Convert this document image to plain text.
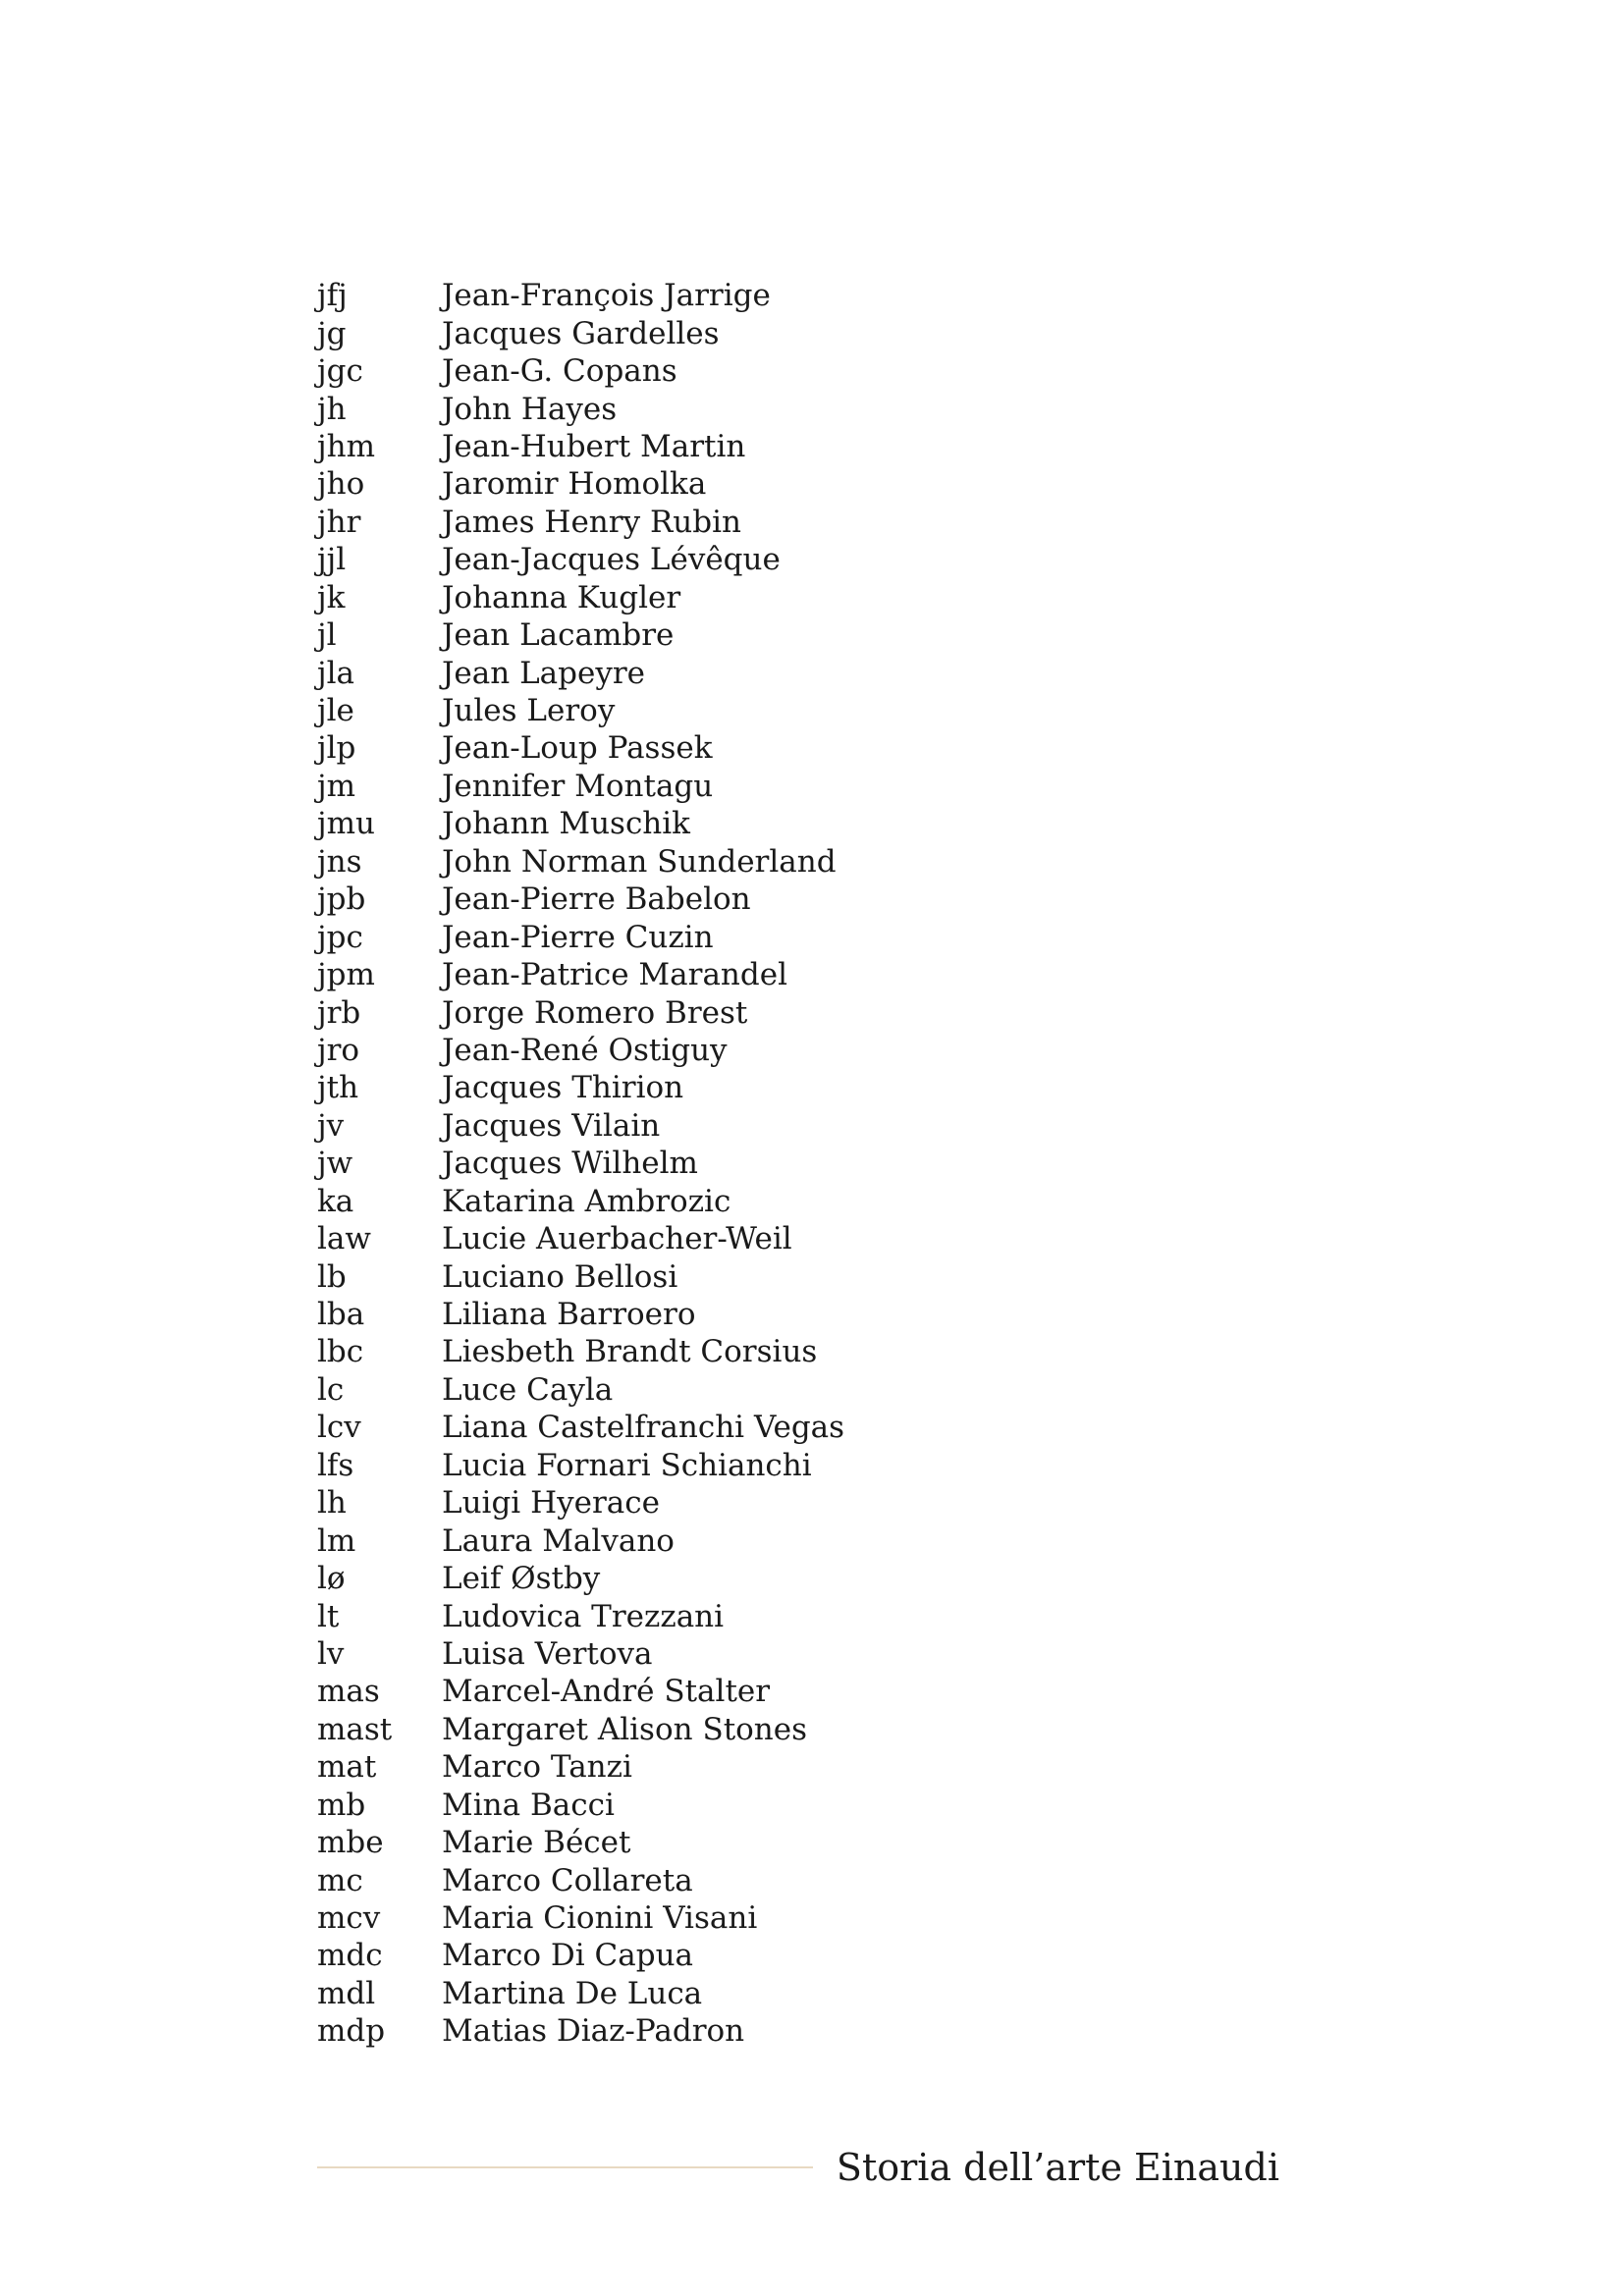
jfj	Jean-François Jarrige
jg	Jacques Gardelles
jgc	Jean-G. Copans
jh	John Hayes
jhm	Jean-Hubert Martin
jho	Jaromir Homolka
jhr	James Henry Rubin
jjl	Jean-Jacques Lévêque
jk	Johanna Kugler
jl	Jean Lacambre
jla	Jean Lapeyre
jle	Jules Leroy
jlp	Jean-Loup Passek
jm	Jennifer Montagu
jmu	Johann Muschik
jns	John Norman Sunderland
jpb	Jean-Pierre Babelon
jpc	Jean-Pierre Cuzin
jpm	Jean-Patrice Marandel
jrb	Jorge Romero Brest
jro	Jean-René Ostiguy
jth	Jacques Thirion
jv	Jacques Vilain
jw	Jacques Wilhelm
ka	Katarina Ambrozic
law	Lucie Auerbacher-Weil
lb	Luciano Bellosi
lba	Liliana Barroero
lbc	Liesbeth Brandt Corsius
lc	Luce Cayla
lcv	Liana Castelfranchi Vegas
lfs	Lucia Fornari Schianchi
lh	Luigi Hyerace
lm	Laura Malvano
lø	Leif Østby
lt	Ludovica Trezzani
lv	Luisa Vertova
mas	Marcel-André Stalter
mast	Margaret Alison Stones
mat	Marco Tanzi
mb	Mina Bacci
mbe	Marie Bécet
mc	Marco Collareta
mcv	Maria Cionini Visani
mdc	Marco Di Capua
mdl	Martina De Luca
mdp	Matias Diaz-Padron
Storia dell’arte Einaudi
